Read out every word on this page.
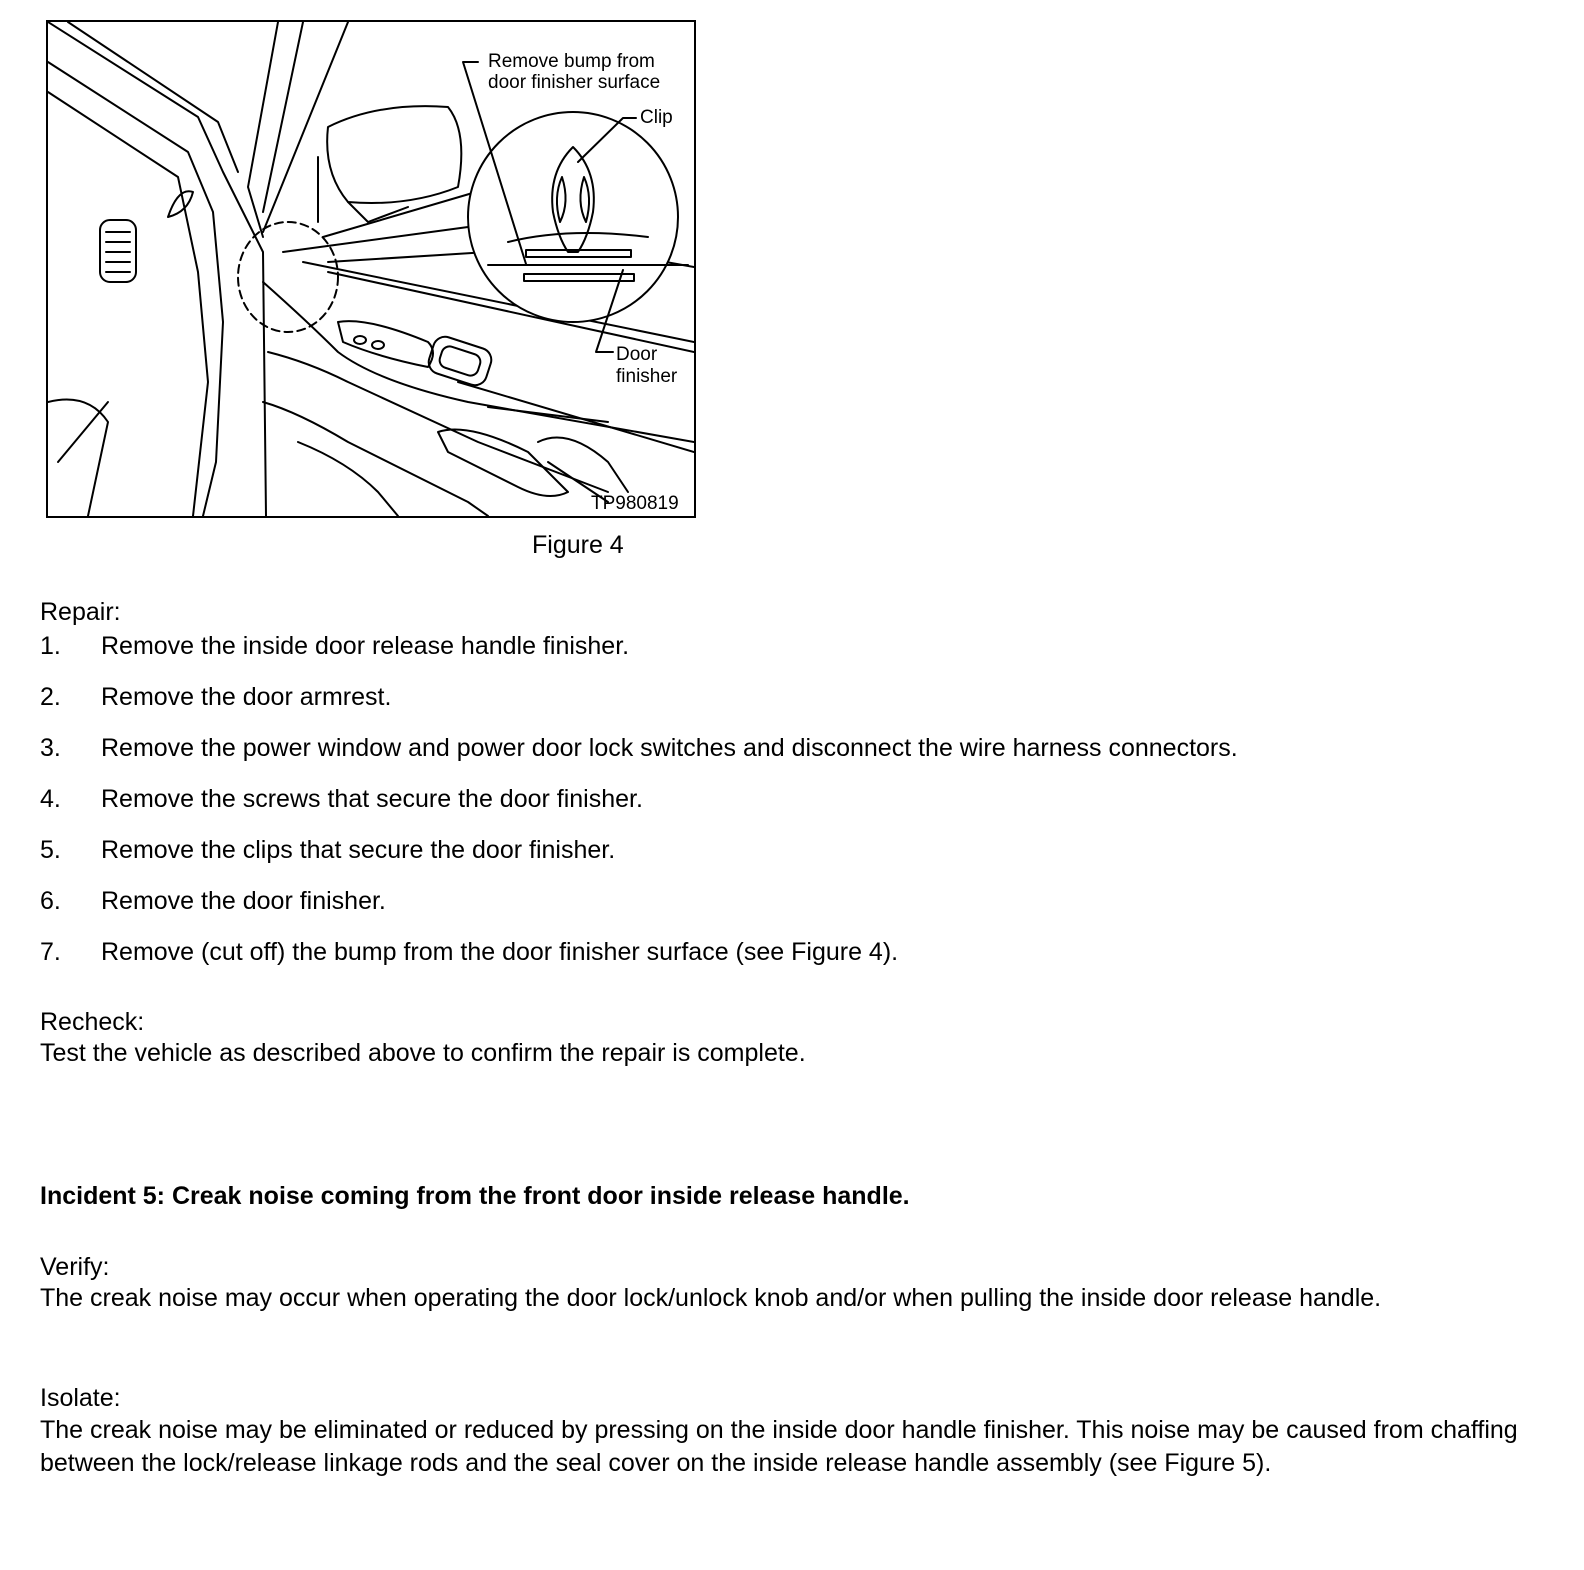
Remove bump from
door finisher surface
Clip
Door
finisher
TP980819
Figure 4
Repair:
1. Remove the inside door release handle finisher.
2. Remove the door armrest.
3. Remove the power window and power door lock switches and disconnect the wire harness connectors.
4. Remove the screws that secure the door finisher.
5. Remove the clips that secure the door finisher.
6. Remove the door finisher.
7. Remove (cut off) the bump from the door finisher surface (see Figure 4).
Recheck:
Test the vehicle as described above to confirm the repair is complete.
Incident 5: Creak noise coming from the front door inside release handle.
Verify:
The creak noise may occur when operating the door lock/unlock knob and/or when pulling the inside door release handle.
Isolate:
The creak noise may be eliminated or reduced by pressing on the inside door handle finisher. This noise may be caused from chaffing between the lock/release linkage rods and the seal cover on the inside release handle assembly (see Figure 5).
